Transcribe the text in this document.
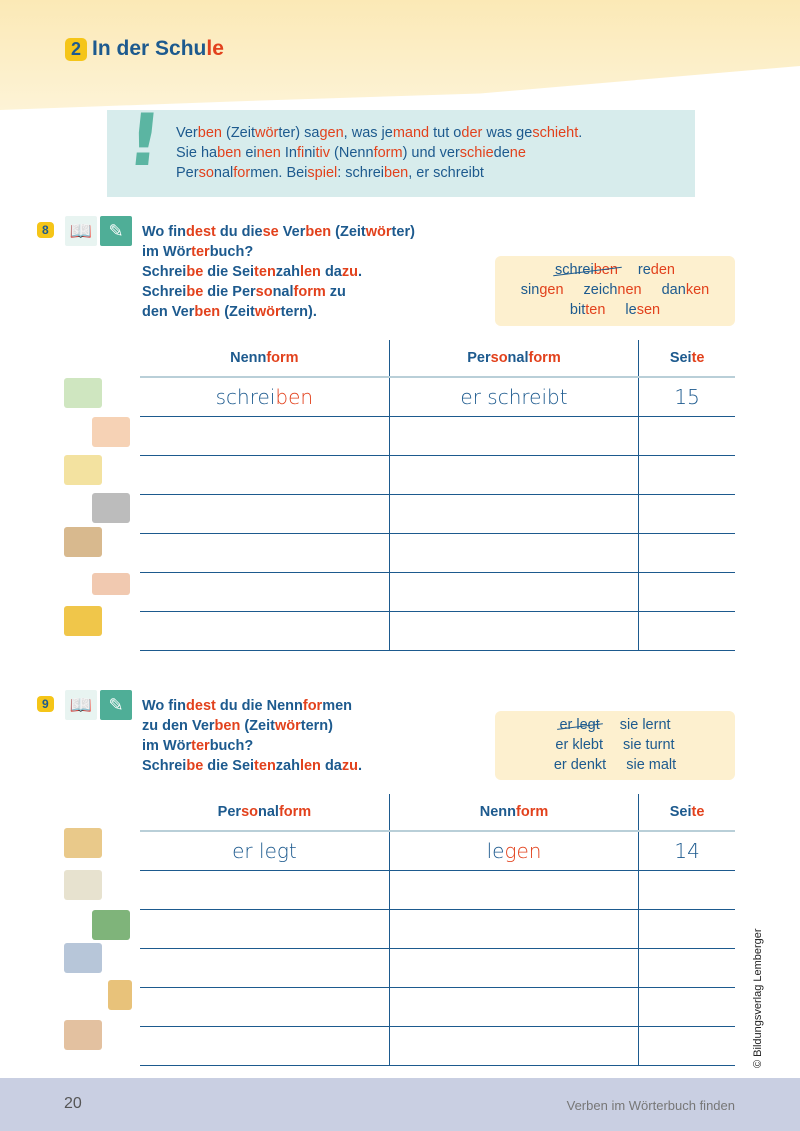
2 In der Schule
Verben (Zeitwörter) sagen, was jemand tut oder was geschieht.
Sie haben einen Infinitiv (Nennform) und verschiedene
Personalformen. Beispiel: schreiben, er schreibt
!
8 📖 ✎	Wo findest du diese Verben (Zeitwörter)
im Wörterbuch?
Schreibe die Seitenzahlen dazu.
Schreibe die Personalform zu
den Verben (Zeitwörtern).
schreiben reden
singen zeichnen danken
bitten lesen
Nennform	Personalform	Seite
schreiben	er schreibt	15

9 📖 ✎	Wo findest du die Nennformen
zu den Verben (Zeitwörtern)
im Wörterbuch?
Schreibe die Seitenzahlen dazu.
er legt sie lernt
er klebt sie turnt
er denkt sie malt
Personalform	Nennform	Seite
er legt	legen	14

© Bildungsverlag Lemberger
20	Verben im Wörterbuch finden
